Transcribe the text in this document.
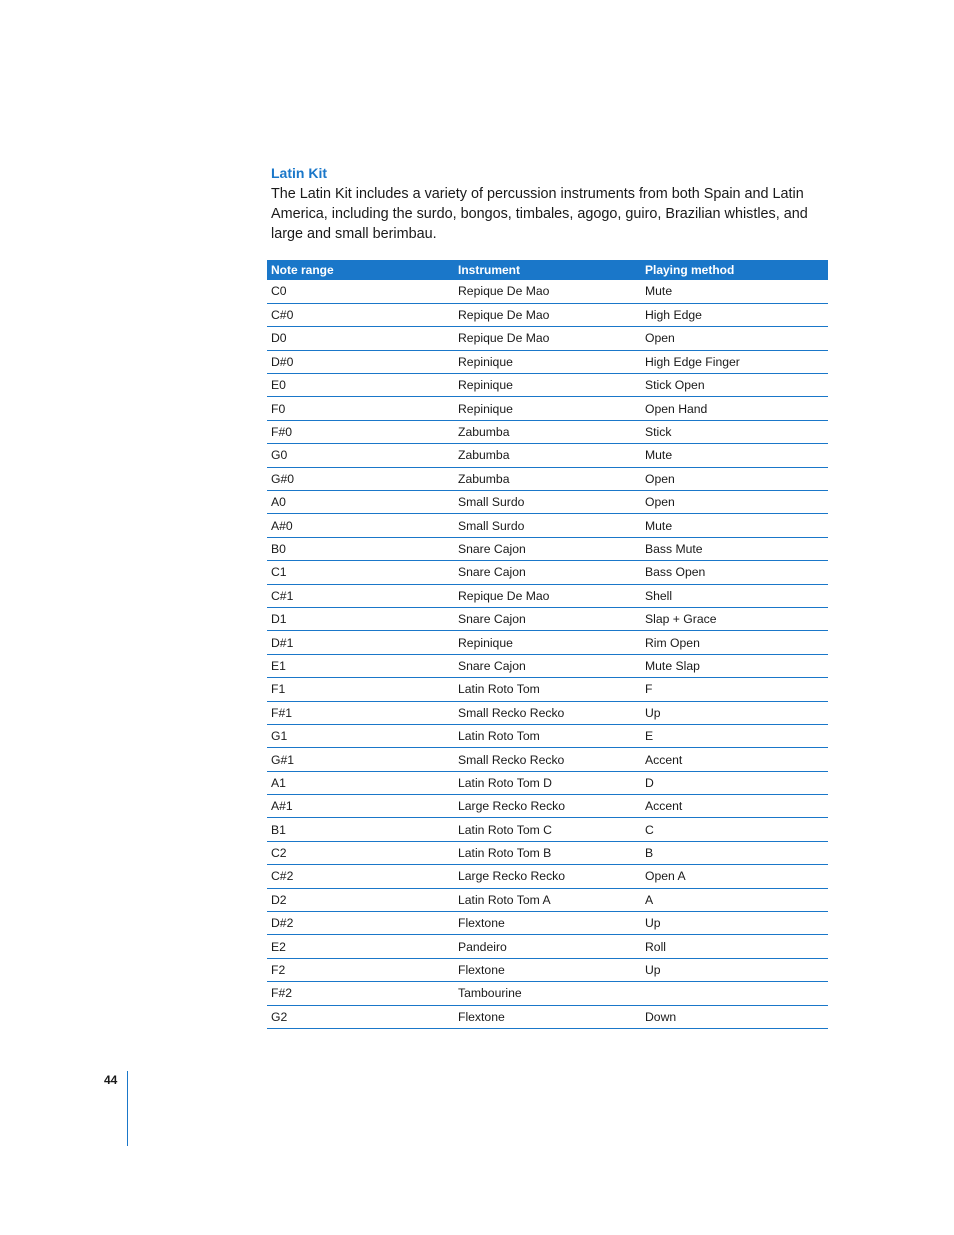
Latin Kit

The Latin Kit includes a variety of percussion instruments from both Spain and Latin America, including the surdo, bongos, timbales, agogo, guiro, Brazilian whistles, and large and small berimbau.

Note range	Instrument	Playing method
C0	Repique De Mao	Mute
C#0	Repique De Mao	High Edge
D0	Repique De Mao	Open
D#0	Repinique	High Edge Finger
E0	Repinique	Stick Open
F0	Repinique	Open Hand
F#0	Zabumba	Stick
G0	Zabumba	Mute
G#0	Zabumba	Open
A0	Small Surdo	Open
A#0	Small Surdo	Mute
B0	Snare Cajon	Bass Mute
C1	Snare Cajon	Bass Open
C#1	Repique De Mao	Shell
D1	Snare Cajon	Slap + Grace
D#1	Repinique	Rim Open
E1	Snare Cajon	Mute Slap
F1	Latin Roto Tom	F
F#1	Small Recko Recko	Up
G1	Latin Roto Tom	E
G#1	Small Recko Recko	Accent
A1	Latin Roto Tom D	D
A#1	Large Recko Recko	Accent
B1	Latin Roto Tom C	C
C2	Latin Roto Tom B	B
C#2	Large Recko Recko	Open A
D2	Latin Roto Tom A	A
D#2	Flextone	Up
E2	Pandeiro	Roll
F2	Flextone	Up
F#2	Tambourine	
G2	Flextone	Down
44
